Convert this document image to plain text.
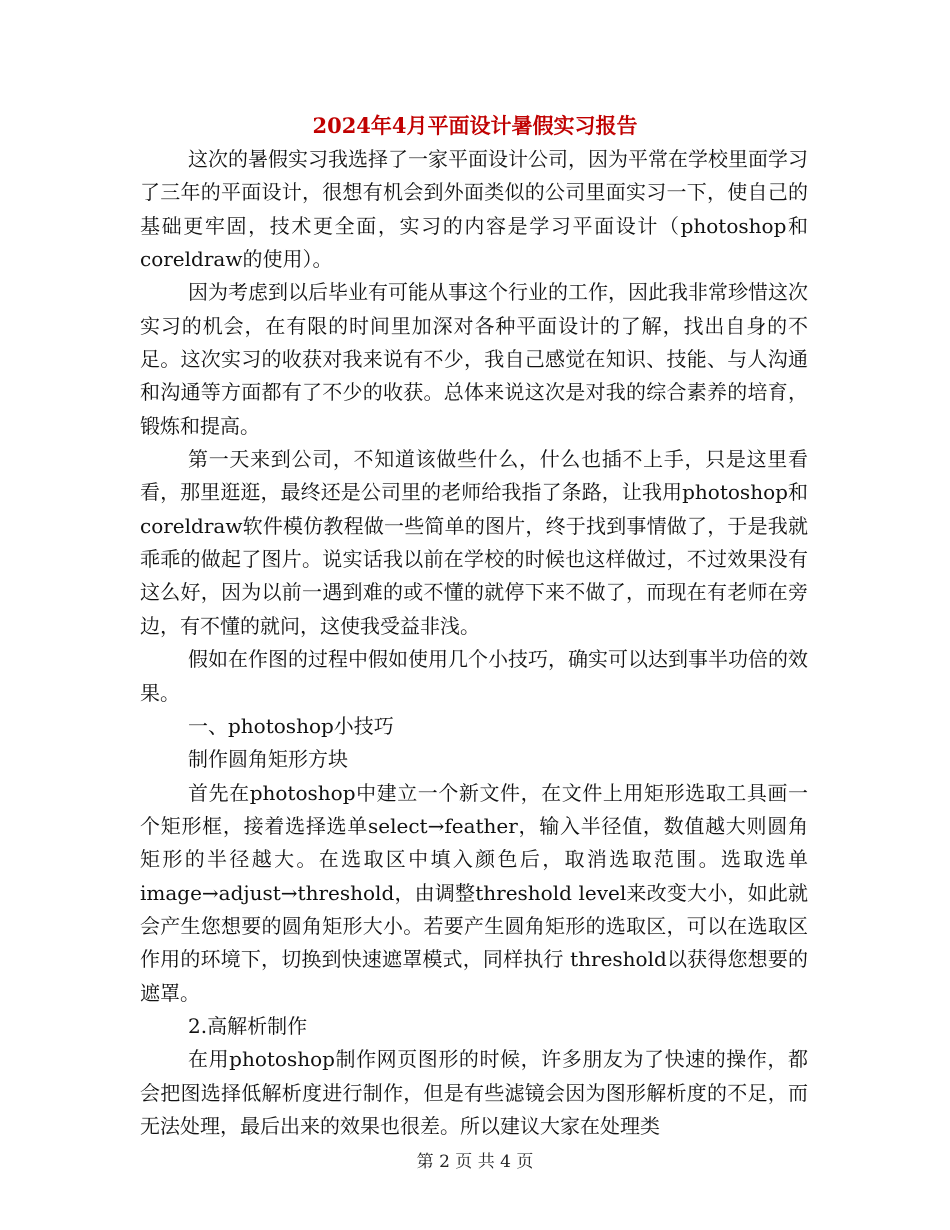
2024年4月平面设计暑假实习报告

这次的暑假实习我选择了一家平面设计公司，因为平常在学校里面学习了三年的平面设计，很想有机会到外面类似的公司里面实习一下，使自己的基础更牢固，技术更全面，实习的内容是学习平面设计（photoshop和coreldraw的使用）。

因为考虑到以后毕业有可能从事这个行业的工作，因此我非常珍惜这次实习的机会，在有限的时间里加深对各种平面设计的了解，找出自身的不足。这次实习的收获对我来说有不少，我自己感觉在知识、技能、与人沟通和沟通等方面都有了不少的收获。总体来说这次是对我的综合素养的培育，锻炼和提高。

第一天来到公司，不知道该做些什么，什么也插不上手，只是这里看看，那里逛逛，最终还是公司里的老师给我指了条路，让我用photoshop和coreldraw软件模仿教程做一些简单的图片，终于找到事情做了，于是我就乖乖的做起了图片。说实话我以前在学校的时候也这样做过，不过效果没有这么好，因为以前一遇到难的或不懂的就停下来不做了，而现在有老师在旁边，有不懂的就问，这使我受益非浅。

假如在作图的过程中假如使用几个小技巧，确实可以达到事半功倍的效果。

一、photoshop小技巧

制作圆角矩形方块

首先在photoshop中建立一个新文件，在文件上用矩形选取工具画一个矩形框，接着选择选单select→feather，输入半径值，数值越大则圆角矩形的半径越大。在选取区中填入颜色后，取消选取范围。选取选单image→adjust→threshold，由调整threshold level来改变大小，如此就会产生您想要的圆角矩形大小。若要产生圆角矩形的选取区，可以在选取区作用的环境下，切换到快速遮罩模式，同样执行 threshold以获得您想要的遮罩。

2.高解析制作

在用photoshop制作网页图形的时候，许多朋友为了快速的操作，都会把图选择低解析度进行制作，但是有些滤镜会因为图形解析度的不足，而无法处理，最后出来的效果也很差。所以建议大家在处理类

第 2 页 共 4 页
